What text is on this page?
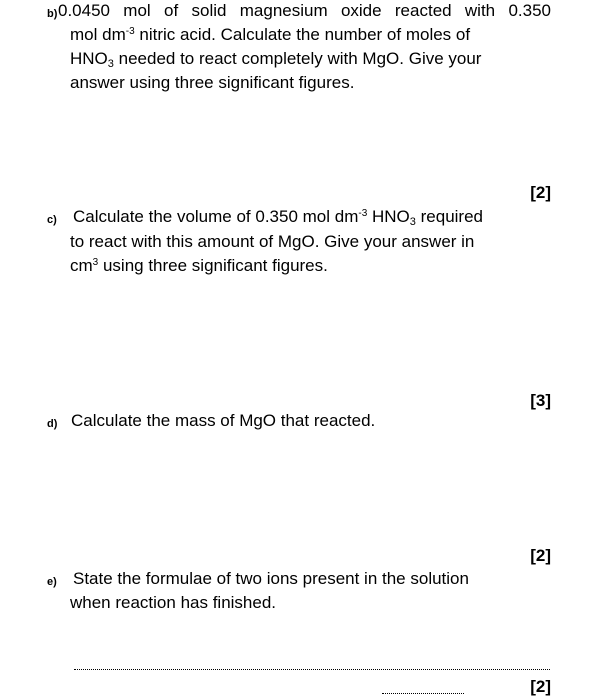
b) 0.0450 mol of solid magnesium oxide reacted with 0.350
mol $dm^{-3}$ nitric acid. Calculate the number of moles of
$HNO_3$ needed to react completely with MgO. Give your
answer using three significant figures.
[2]
c) Calculate the volume of 0.350 mol $dm^{-3}$ $HNO_3$ required
to react with this amount of MgO. Give your answer in
$cm^3$ using three significant figures.
[3]
d) Calculate the mass of MgO that reacted.
[2]
e) State the formulae of two ions present in the solution
when reaction has finished.
[2]
